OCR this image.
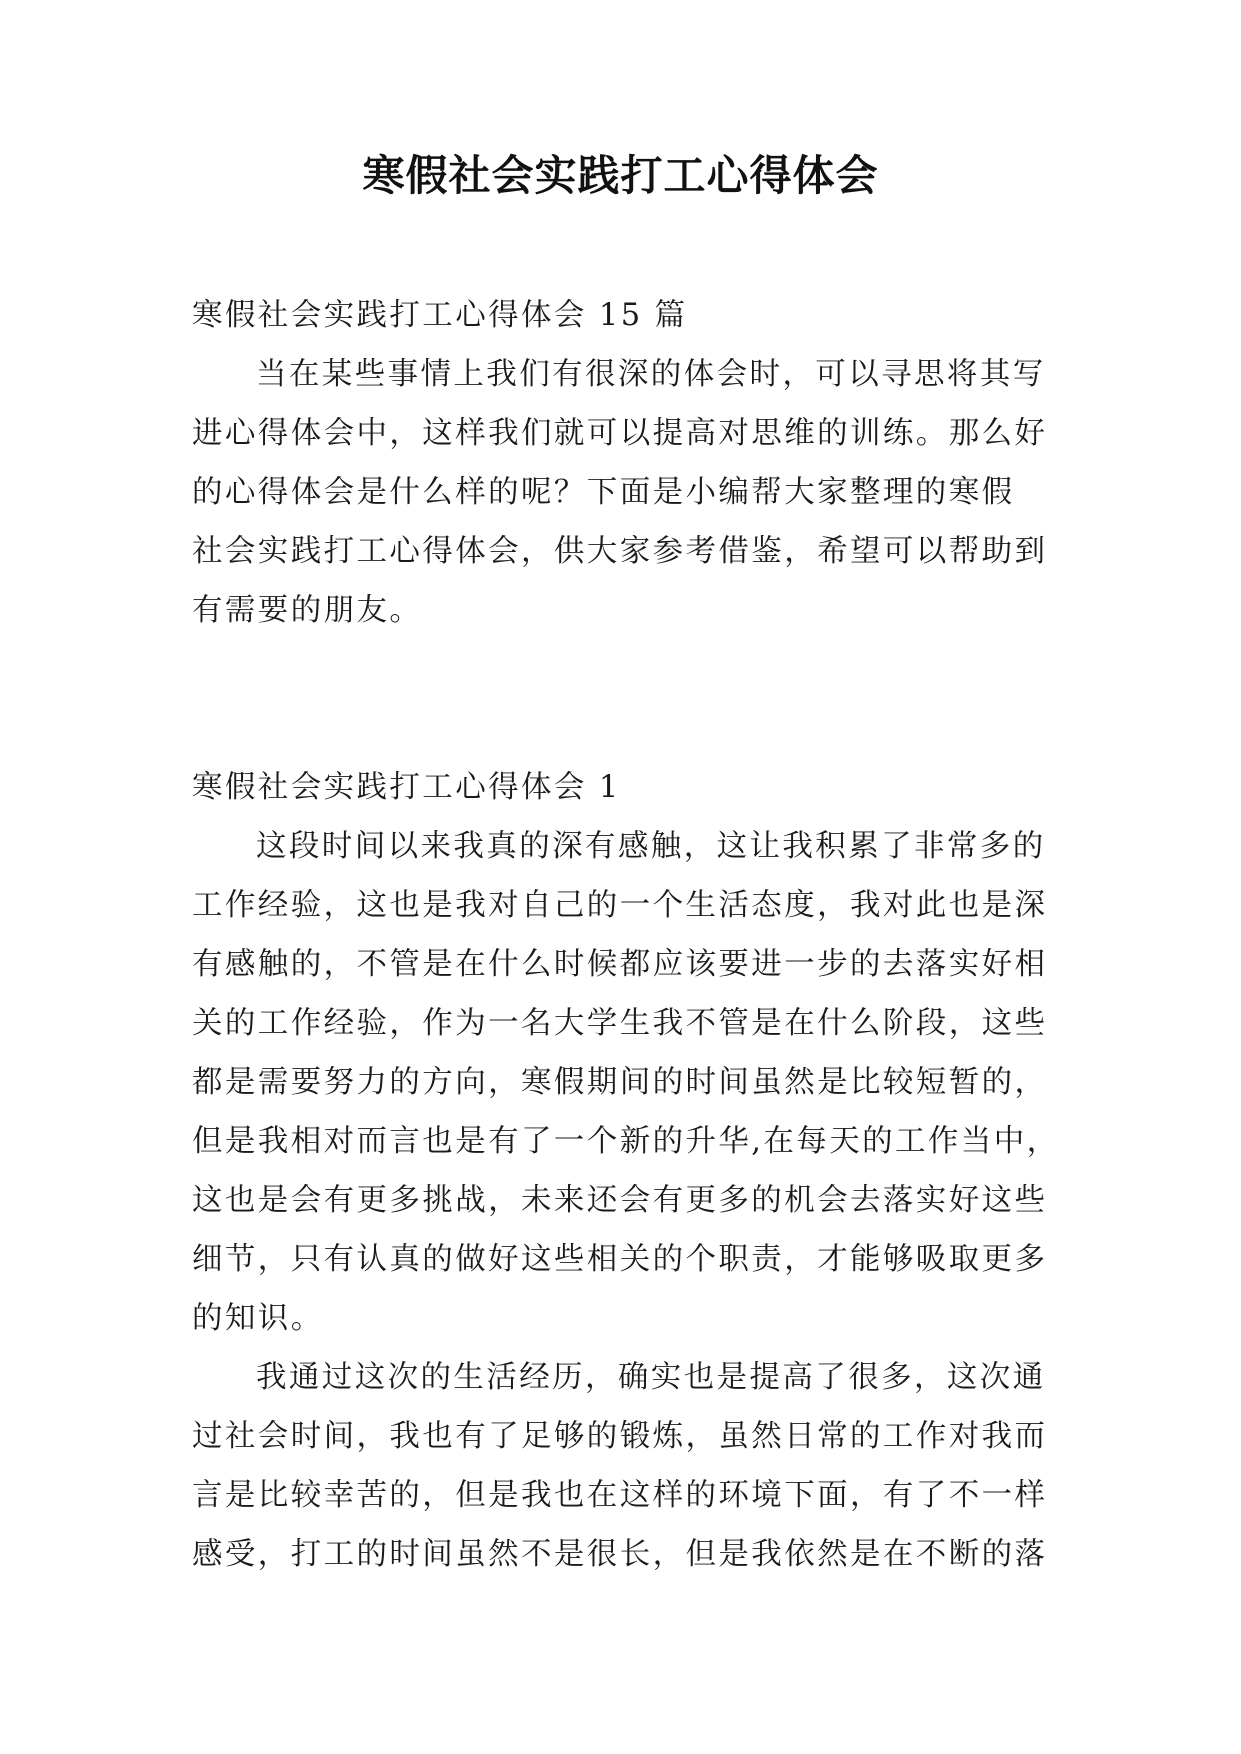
寒假社会实践打工心得体会
寒假社会实践打工心得体会 15 篇
当在某些事情上我们有很深的体会时，可以寻思将其写
进心得体会中，这样我们就可以提高对思维的训练。那么好
的心得体会是什么样的呢？下面是小编帮大家整理的寒假
社会实践打工心得体会，供大家参考借鉴，希望可以帮助到
有需要的朋友。
寒假社会实践打工心得体会 1
这段时间以来我真的深有感触，这让我积累了非常多的
工作经验，这也是我对自己的一个生活态度，我对此也是深
有感触的，不管是在什么时候都应该要进一步的去落实好相
关的工作经验，作为一名大学生我不管是在什么阶段，这些
都是需要努力的方向，寒假期间的时间虽然是比较短暂的，
但是我相对而言也是有了一个新的升华,在每天的工作当中，
这也是会有更多挑战，未来还会有更多的机会去落实好这些
细节，只有认真的做好这些相关的个职责，才能够吸取更多
的知识。
我通过这次的生活经历，确实也是提高了很多，这次通
过社会时间，我也有了足够的锻炼，虽然日常的工作对我而
言是比较幸苦的，但是我也在这样的环境下面，有了不一样
感受，打工的时间虽然不是很长，但是我依然是在不断的落
